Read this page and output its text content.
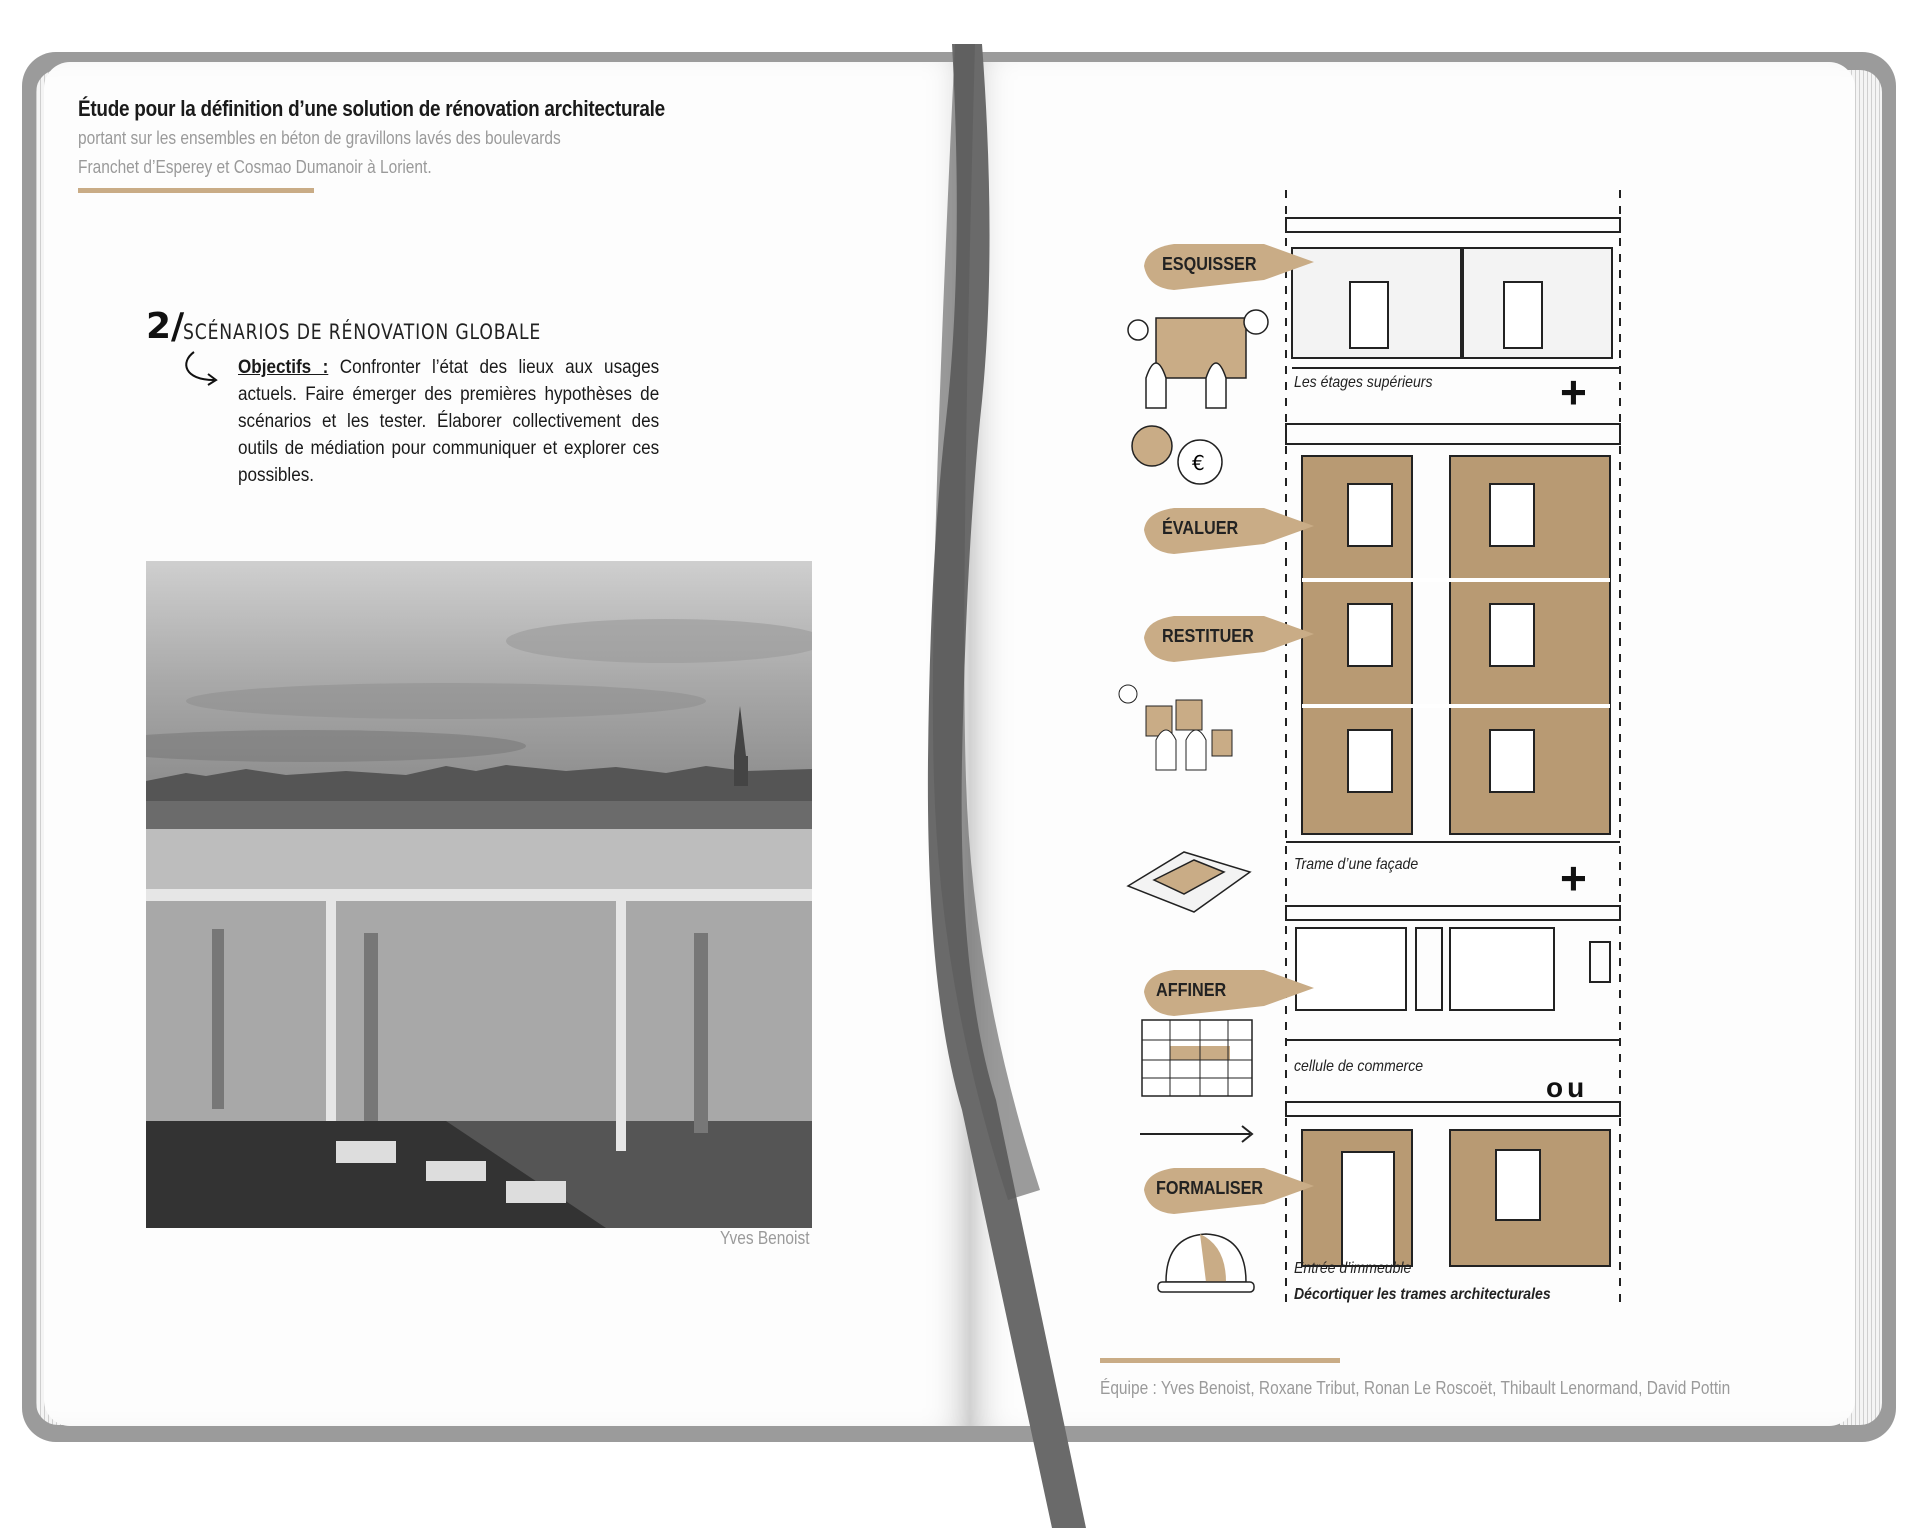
Étude pour la définition d’une solution de rénovation architecturale
portant sur les ensembles en béton de gravillons lavés des boulevards
Franchet d’Esperey et Cosmao Dumanoir à Lorient.
2/
SCÉNARIOS DE RÉNOVATION GLOBALE
Objectifs : Confronter l’état des lieux aux usages actuels. Faire émerger des premières hypothèses de scénarios et les tester. Élaborer collectivement des outils de médiation pour communiquer et explorer ces possibles.
Yves Benoist
ESQUISSER
ÉVALUER
RESTITUER
AFFINER
FORMALISER
€
Les étages supérieurs
Trame d’une façade
cellule de commerce
Entrée d’immeuble
Décortiquer les trames architecturales
+
+
ou
Équipe : Yves Benoist, Roxane Tribut, Ronan Le Roscoët, Thibault Lenormand, David Pottin
